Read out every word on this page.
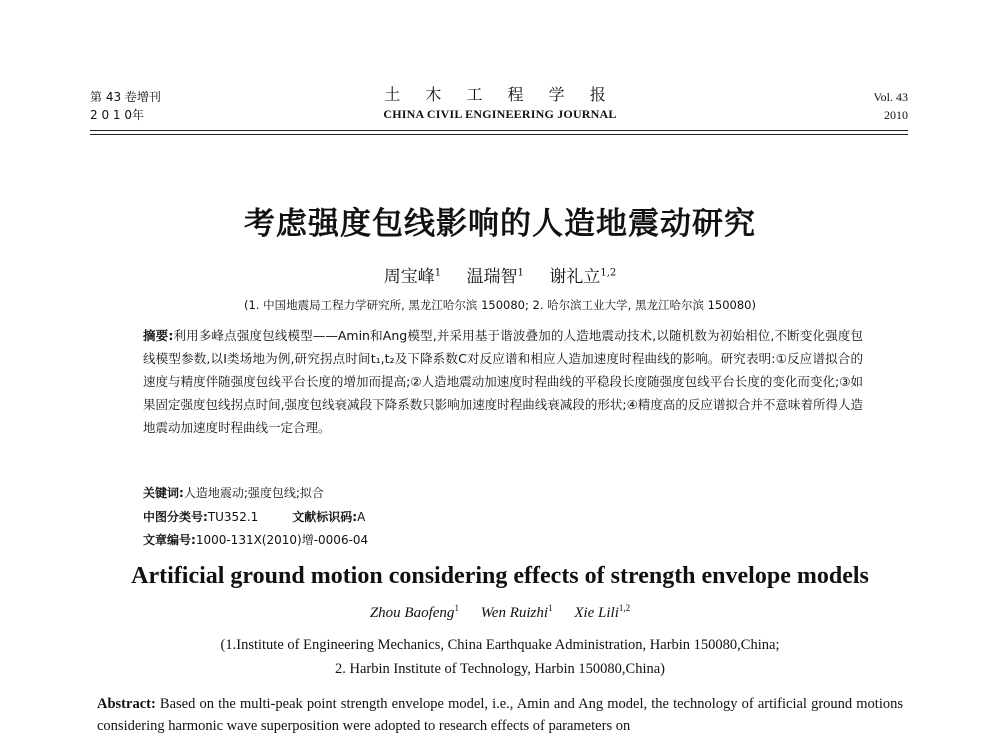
第 43 卷增刊
2 0 1 0年
土 木 工 程 学 报
CHINA CIVIL ENGINEERING JOURNAL
Vol. 43
2010
考虑强度包线影响的人造地震动研究
周宝峰$^1$ 温瑞智$^1$ 谢礼立$^{1,2}$
(1. 中国地震局工程力学研究所, 黑龙江哈尔滨 150080; 2. 哈尔滨工业大学, 黑龙江哈尔滨 150080)
摘要:利用多峰点强度包线模型——Amin和Ang模型,并采用基于谐波叠加的人造地震动技术,以随机数为初始相位,不断变化强度包线模型参数,以Ⅰ类场地为例,研究拐点时间t₁,t₂及下降系数C对反应谱和相应人造加速度时程曲线的影响。研究表明:①反应谱拟合的速度与精度伴随强度包线平台长度的增加而提高;②人造地震动加速度时程曲线的平稳段长度随强度包线平台长度的变化而变化;③如果固定强度包线拐点时间,强度包线衰减段下降系数只影响加速度时程曲线衰减段的形状;④精度高的反应谱拟合并不意味着所得人造地震动加速度时程曲线一定合理。
关键词:人造地震动;强度包线;拟合
中图分类号:TU352.1	文献标识码:A
文章编号:1000-131X(2010)增-0006-04
Artificial ground motion considering effects of strength envelope models
Zhou Baofeng$^1$ Wen Ruizhi$^1$ Xie Lili$^{1,2}$
(1.Institute of Engineering Mechanics, China Earthquake Administration, Harbin 150080,China;
2. Harbin Institute of Technology, Harbin 150080,China)
Abstract: Based on the multi-peak point strength envelope model, i.e., Amin and Ang model, the technology of artificial ground motions considering harmonic wave superposition were adopted to research effects of parameters on
